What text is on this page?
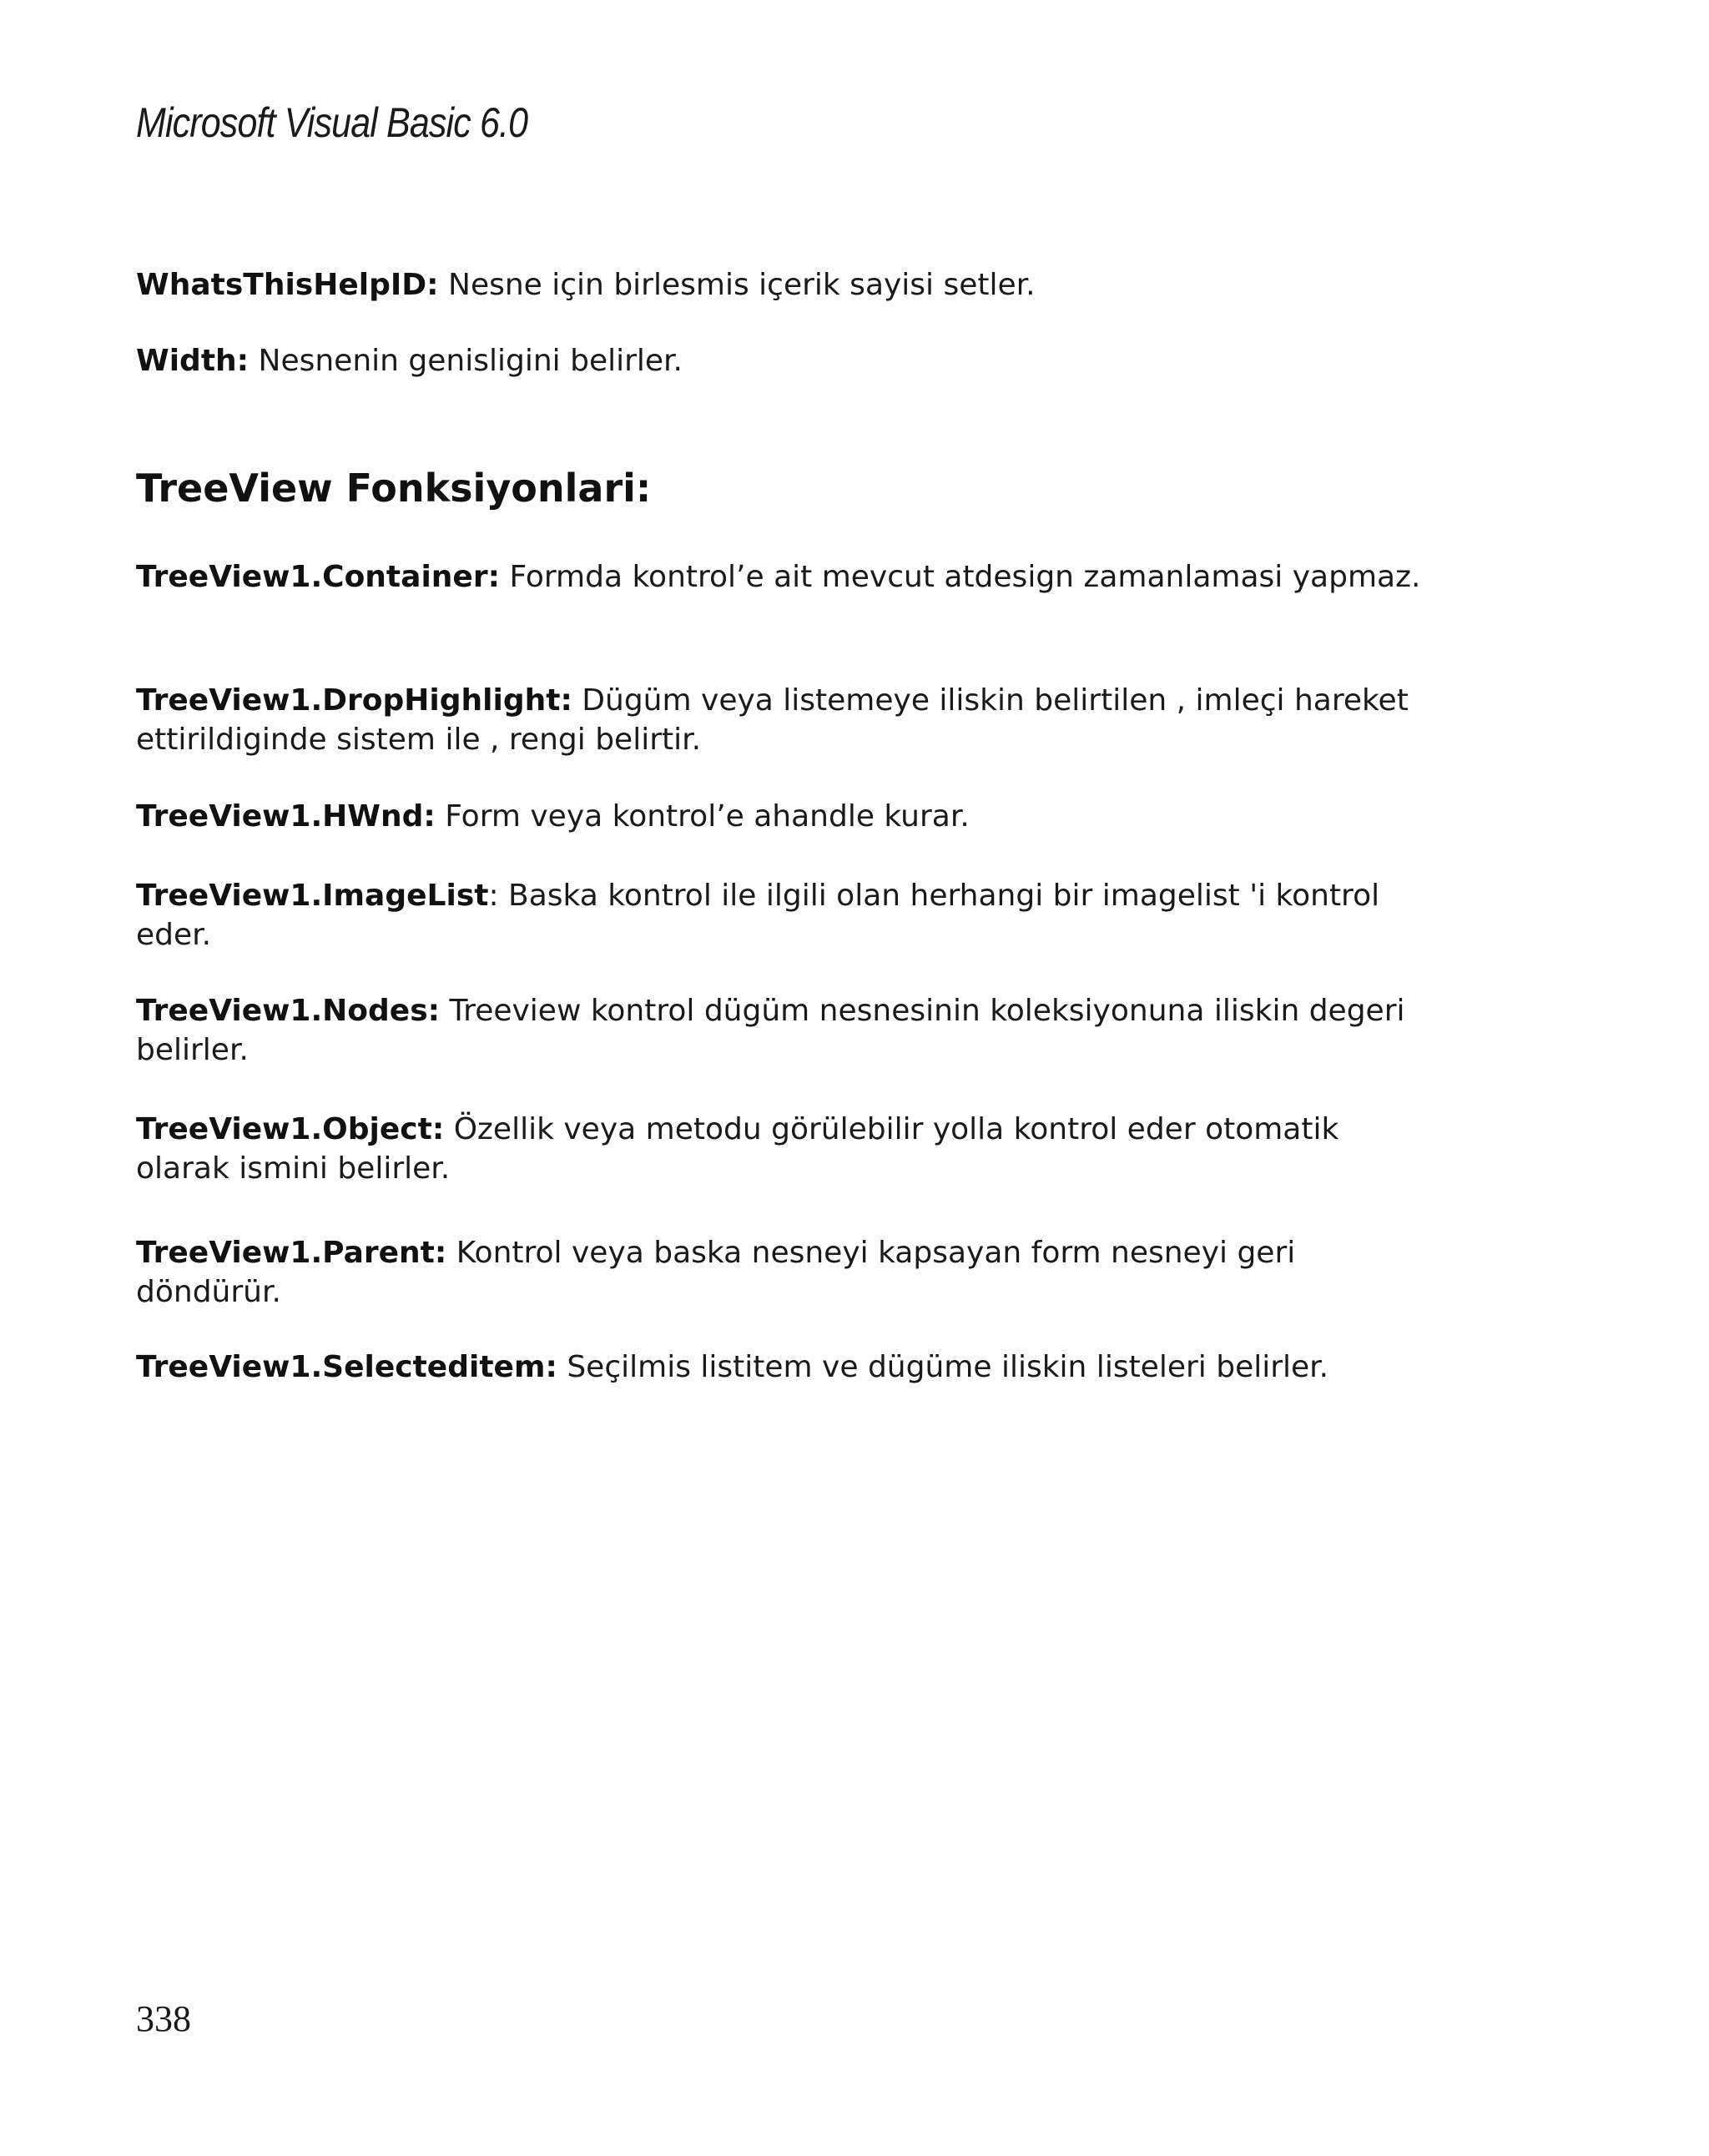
Microsoft Visual Basic 6.0
WhatsThisHelpID: Nesne için birlesmis içerik sayisi setler.
Width: Nesnenin genisligini belirler.
TreeView Fonksiyonlari:
TreeView1.Container: Formda kontrol’e ait mevcut atdesign zamanlamasi yapmaz.
TreeView1.DropHighlight: Dügüm veya listemeye iliskin belirtilen , imleçi hareket ettirildiginde sistem ile , rengi belirtir.
TreeView1.HWnd: Form veya kontrol’e ahandle kurar.
TreeView1.ImageList: Baska kontrol ile ilgili olan herhangi bir imagelist 'i kontrol eder.
TreeView1.Nodes: Treeview kontrol dügüm nesnesinin koleksiyonuna iliskin degeri belirler.
TreeView1.Object: Özellik veya metodu görülebilir yolla kontrol eder otomatik olarak ismini belirler.
TreeView1.Parent: Kontrol veya baska nesneyi kapsayan form nesneyi geri döndürür.
TreeView1.Selecteditem: Seçilmis listitem ve dügüme iliskin listeleri belirler.
338
